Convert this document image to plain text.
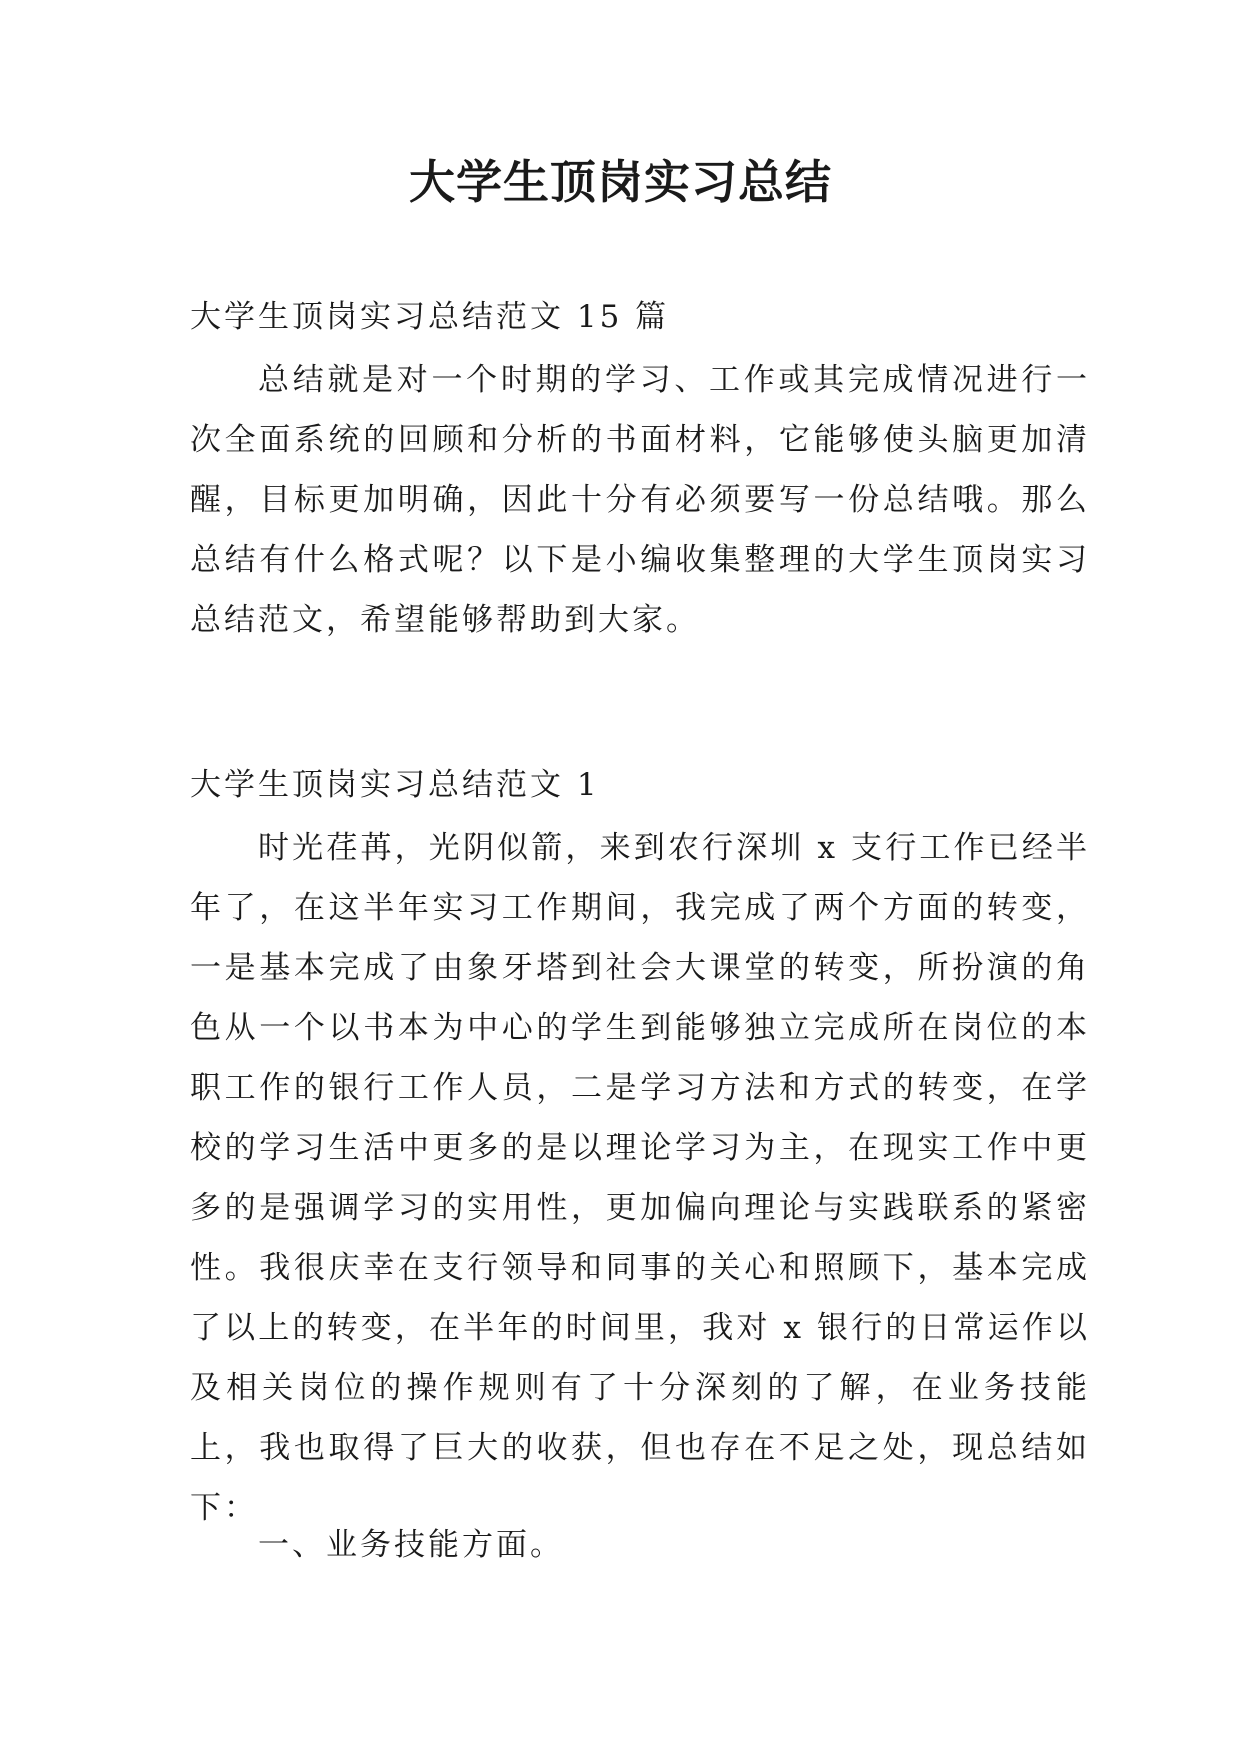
大学生顶岗实习总结

大学生顶岗实习总结范文 15 篇

总结就是对一个时期的学习、工作或其完成情况进行一次全面系统的回顾和分析的书面材料，它能够使头脑更加清醒，目标更加明确，因此十分有必须要写一份总结哦。那么总结有什么格式呢？以下是小编收集整理的大学生顶岗实习总结范文，希望能够帮助到大家。

大学生顶岗实习总结范文 1

时光荏苒，光阴似箭，来到农行深圳 x 支行工作已经半年了，在这半年实习工作期间，我完成了两个方面的转变，一是基本完成了由象牙塔到社会大课堂的转变，所扮演的角色从一个以书本为中心的学生到能够独立完成所在岗位的本职工作的银行工作人员，二是学习方法和方式的转变，在学校的学习生活中更多的是以理论学习为主，在现实工作中更多的是强调学习的实用性，更加偏向理论与实践联系的紧密性。我很庆幸在支行领导和同事的关心和照顾下，基本完成了以上的转变，在半年的时间里，我对 x 银行的日常运作以及相关岗位的操作规则有了十分深刻的了解，在业务技能上，我也取得了巨大的收获，但也存在不足之处，现总结如下：

一、业务技能方面。
